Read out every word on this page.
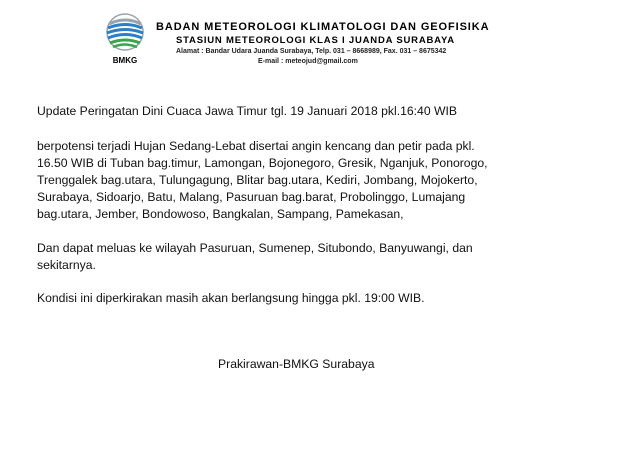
BMKG
BADAN METEOROLOGI KLIMATOLOGI DAN GEOFISIKA
STASIUN METEOROLOGI KLAS I JUANDA SURABAYA
Alamat : Bandar Udara Juanda Surabaya, Telp. 031 – 8668989, Fax. 031 – 8675342
E-mail : meteojud@gmail.com
Update Peringatan Dini Cuaca Jawa Timur tgl. 19 Januari 2018 pkl.16:40 WIB
berpotensi terjadi Hujan Sedang-Lebat disertai angin kencang dan petir pada pkl.
16.50 WIB di Tuban bag.timur, Lamongan, Bojonegoro, Gresik, Nganjuk, Ponorogo,
Trenggalek bag.utara, Tulungagung, Blitar bag.utara, Kediri, Jombang, Mojokerto,
Surabaya, Sidoarjo, Batu, Malang, Pasuruan bag.barat, Probolinggo, Lumajang
bag.utara, Jember, Bondowoso, Bangkalan, Sampang, Pamekasan,
Dan dapat meluas ke wilayah Pasuruan, Sumenep, Situbondo, Banyuwangi, dan
sekitarnya.
Kondisi ini diperkirakan masih akan berlangsung hingga pkl. 19:00 WIB.
Prakirawan-BMKG Surabaya
